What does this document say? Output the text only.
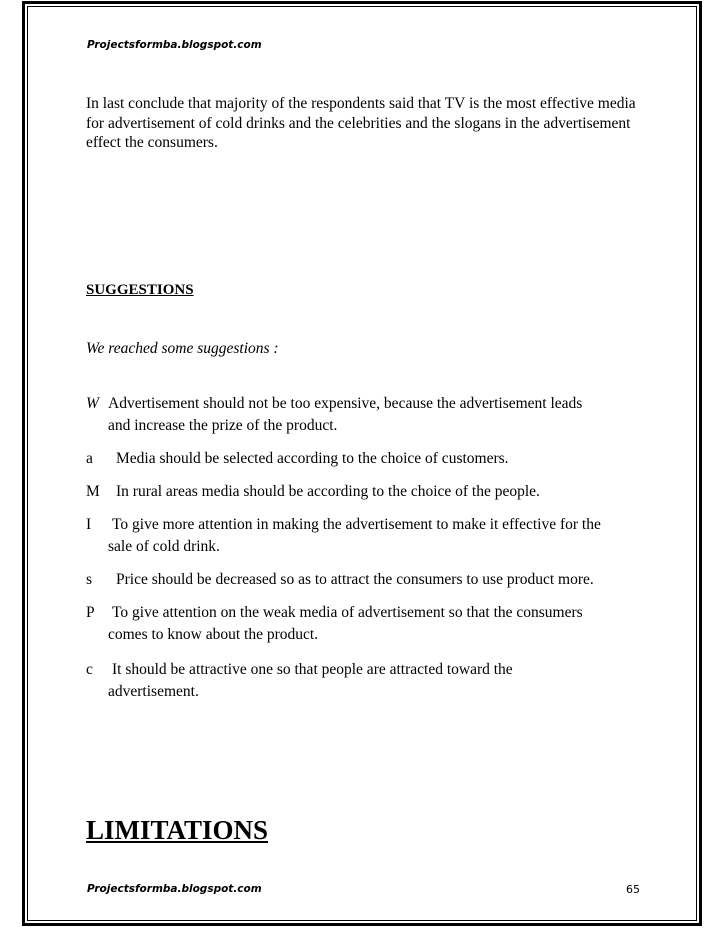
Projectsformba.blogspot.com
In last conclude that majority of the respondents said that TV is the most effective media for advertisement of cold drinks and the celebrities and the slogans in the advertisement effect the consumers.
SUGGESTIONS
We reached some suggestions :
W Advertisement should not be too expensive, because the advertisement leads
and increase the prize of the product.
a	Media should be selected according to the choice of customers.
M	In rural areas media should be according to the choice of the people.
I	To give more attention in making the advertisement to make it effective for the
sale of cold drink.
s	Price should be decreased so as to attract the consumers to use product more.
P	To give attention on the weak media of advertisement so that the consumers
comes to know about the product.
c	It should be attractive one so that people are attracted toward the
advertisement.
LIMITATIONS
Projectsformba.blogspot.com	65
